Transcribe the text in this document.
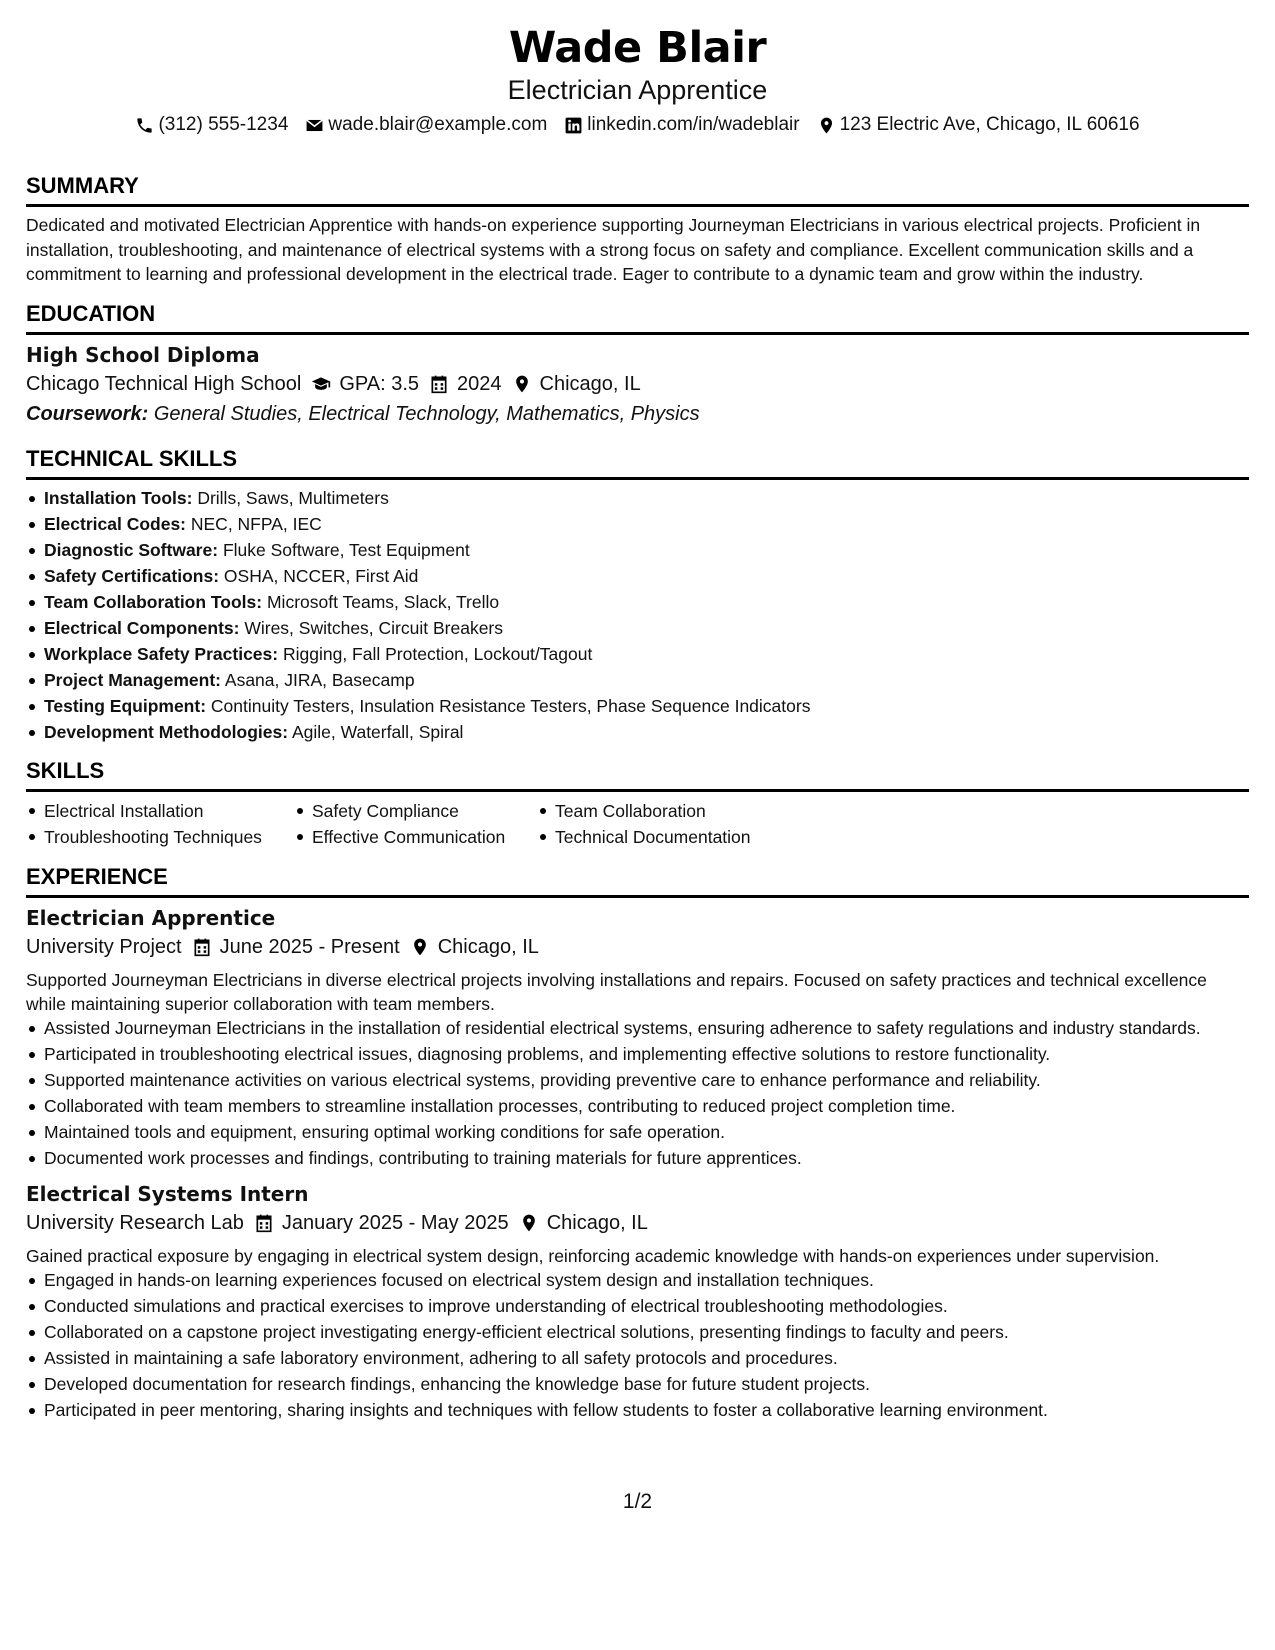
Wade Blair
Electrician Apprentice
(312) 555-1234 wade.blair@example.com linkedin.com/in/wadeblair 123 Electric Ave, Chicago, IL 60616
SUMMARY

Dedicated and motivated Electrician Apprentice with hands-on experience supporting Journeyman Electricians in various electrical projects. Proficient in installation, troubleshooting, and maintenance of electrical systems with a strong focus on safety and compliance. Excellent communication skills and a commitment to learning and professional development in the electrical trade. Eager to contribute to a dynamic team and grow within the industry.

EDUCATION
High School Diploma
Chicago Technical High School GPA: 3.5 2024 Chicago, IL
Coursework: General Studies, Electrical Technology, Mathematics, Physics
TECHNICAL SKILLS
Installation Tools: Drills, Saws, Multimeters
Electrical Codes: NEC, NFPA, IEC
Diagnostic Software: Fluke Software, Test Equipment
Safety Certifications: OSHA, NCCER, First Aid
Team Collaboration Tools: Microsoft Teams, Slack, Trello
Electrical Components: Wires, Switches, Circuit Breakers
Workplace Safety Practices: Rigging, Fall Protection, Lockout/Tagout
Project Management: Asana, JIRA, Basecamp
Testing Equipment: Continuity Testers, Insulation Resistance Testers, Phase Sequence Indicators
Development Methodologies: Agile, Waterfall, Spiral
SKILLS
Electrical Installation	Safety Compliance	Team Collaboration
Troubleshooting Techniques	Effective Communication	Technical Documentation
EXPERIENCE
Electrician Apprentice
University Project June 2025 - Present Chicago, IL

Supported Journeyman Electricians in diverse electrical projects involving installations and repairs. Focused on safety practices and technical excellence while maintaining superior collaboration with team members.

Assisted Journeyman Electricians in the installation of residential electrical systems, ensuring adherence to safety regulations and industry standards.
Participated in troubleshooting electrical issues, diagnosing problems, and implementing effective solutions to restore functionality.
Supported maintenance activities on various electrical systems, providing preventive care to enhance performance and reliability.
Collaborated with team members to streamline installation processes, contributing to reduced project completion time.
Maintained tools and equipment, ensuring optimal working conditions for safe operation.
Documented work processes and findings, contributing to training materials for future apprentices.
Electrical Systems Intern
University Research Lab January 2025 - May 2025 Chicago, IL

Gained practical exposure by engaging in electrical system design, reinforcing academic knowledge with hands-on experiences under supervision.

Engaged in hands-on learning experiences focused on electrical system design and installation techniques.
Conducted simulations and practical exercises to improve understanding of electrical troubleshooting methodologies.
Collaborated on a capstone project investigating energy-efficient electrical solutions, presenting findings to faculty and peers.
Assisted in maintaining a safe laboratory environment, adhering to all safety protocols and procedures.
Developed documentation for research findings, enhancing the knowledge base for future student projects.
Participated in peer mentoring, sharing insights and techniques with fellow students to foster a collaborative learning environment.
1/2
